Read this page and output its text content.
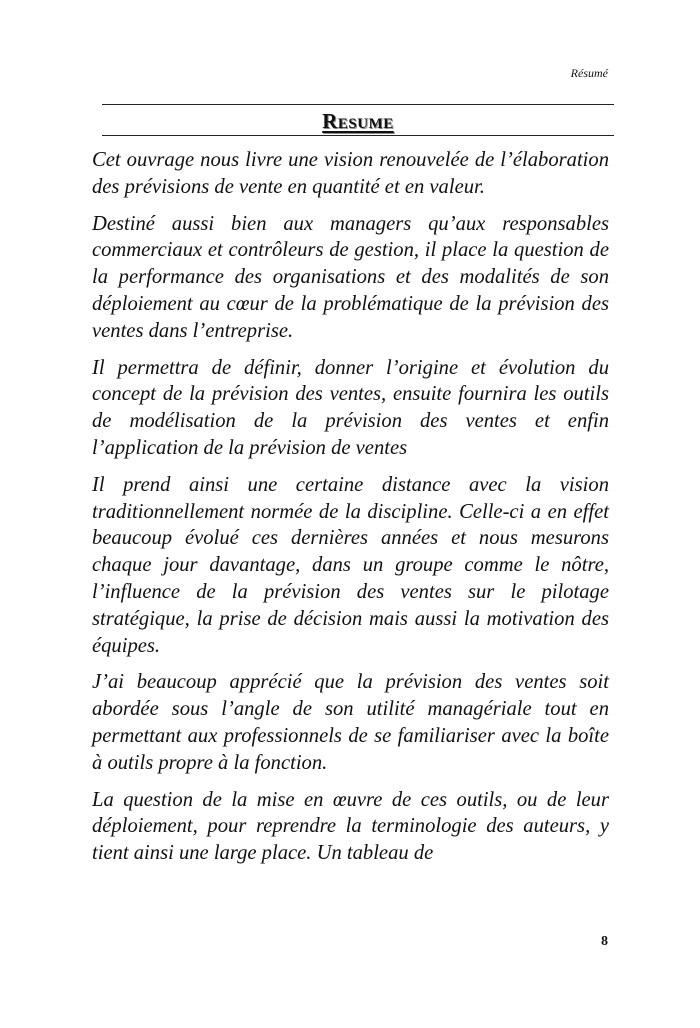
Résumé
Resume

Cet ouvrage nous livre une vision renouvelée de l’élaboration des prévisions de vente en quantité et en valeur.

Destiné aussi bien aux managers qu’aux responsables commerciaux et contrôleurs de gestion, il place la question de la performance des organisations et des modalités de son déploiement au cœur de la problématique de la prévision des ventes dans l’entreprise.

Il permettra de définir, donner l’origine et évolution du concept de la prévision des ventes, ensuite fournira les outils de modélisation de la prévision des ventes et enfin l’application de la prévision de ventes

Il prend ainsi une certaine distance avec la vision traditionnellement normée de la discipline. Celle-ci a en effet beaucoup évolué ces dernières années et nous mesurons chaque jour davantage, dans un groupe comme le nôtre, l’influence de la prévision des ventes sur le pilotage stratégique, la prise de décision mais aussi la motivation des équipes.

J’ai beaucoup apprécié que la prévision des ventes soit abordée sous l’angle de son utilité managériale tout en permettant aux professionnels de se familiariser avec la boîte à outils propre à la fonction.

La question de la mise en œuvre de ces outils, ou de leur déploiement, pour reprendre la terminologie des auteurs, y tient ainsi une large place. Un tableau de

8
